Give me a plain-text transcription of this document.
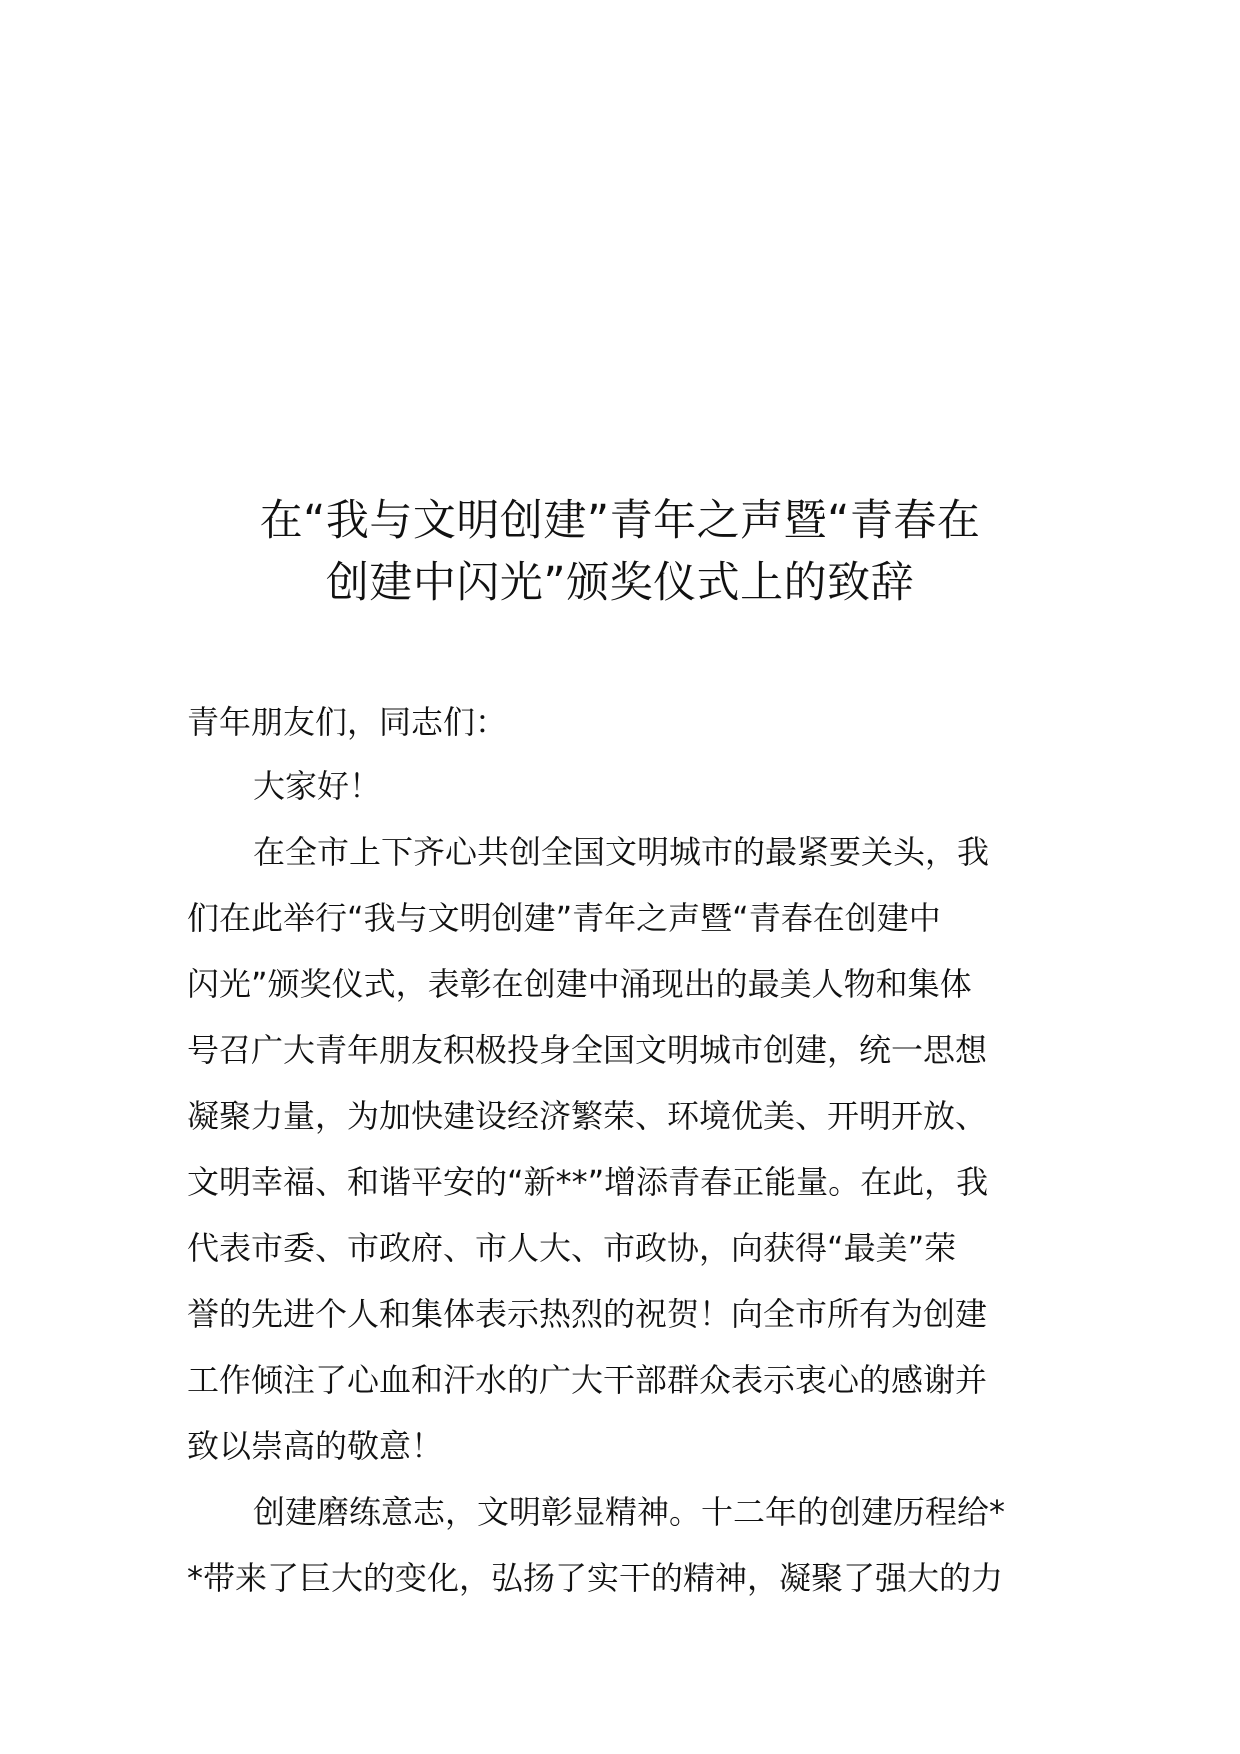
在“我与文明创建”青年之声暨“青春在
创建中闪光”颁奖仪式上的致辞
青年朋友们，同志们：
大家好！
在全市上下齐心共创全国文明城市的最紧要关头，我
们在此举行“我与文明创建”青年之声暨“青春在创建中
闪光”颁奖仪式，表彰在创建中涌现出的最美人物和集体
号召广大青年朋友积极投身全国文明城市创建，统一思想
凝聚力量，为加快建设经济繁荣、环境优美、开明开放、
文明幸福、和谐平安的“新**”增添青春正能量。在此，我
代表市委、市政府、市人大、市政协，向获得“最美”荣
誉的先进个人和集体表示热烈的祝贺！向全市所有为创建
工作倾注了心血和汗水的广大干部群众表示衷心的感谢并
致以崇高的敬意！
创建磨练意志，文明彰显精神。十二年的创建历程给*
*带来了巨大的变化，弘扬了实干的精神，凝聚了强大的力
